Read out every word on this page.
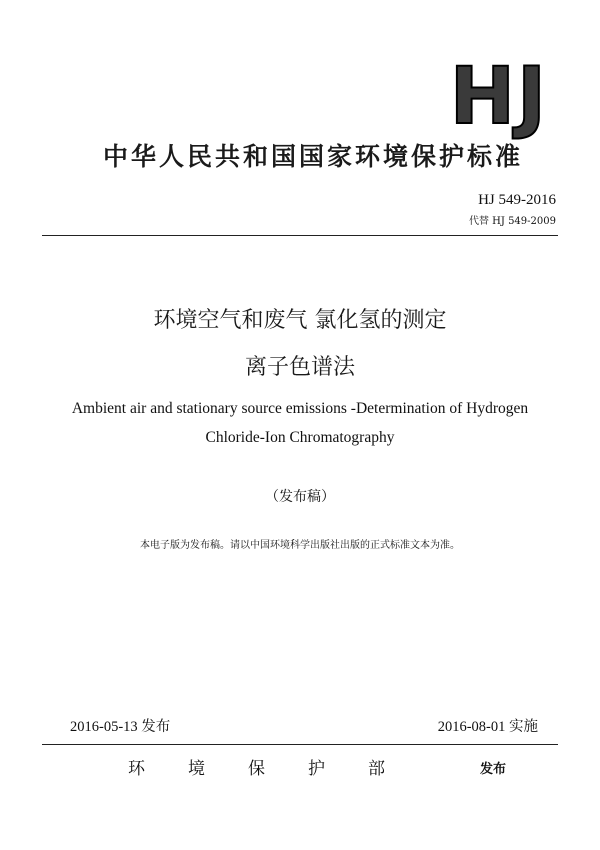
HJ
中华人民共和国国家环境保护标准
HJ 549-2016
代替 HJ 549-2009
环境空气和废气 氯化氢的测定
离子色谱法
Ambient air and stationary source emissions -Determination of Hydrogen
Chloride-Ion Chromatography
（发布稿）
本电子版为发布稿。请以中国环境科学出版社出版的正式标准文本为准。
2016-05-13 发布	2016-08-01 实施
环境保护部	发布
